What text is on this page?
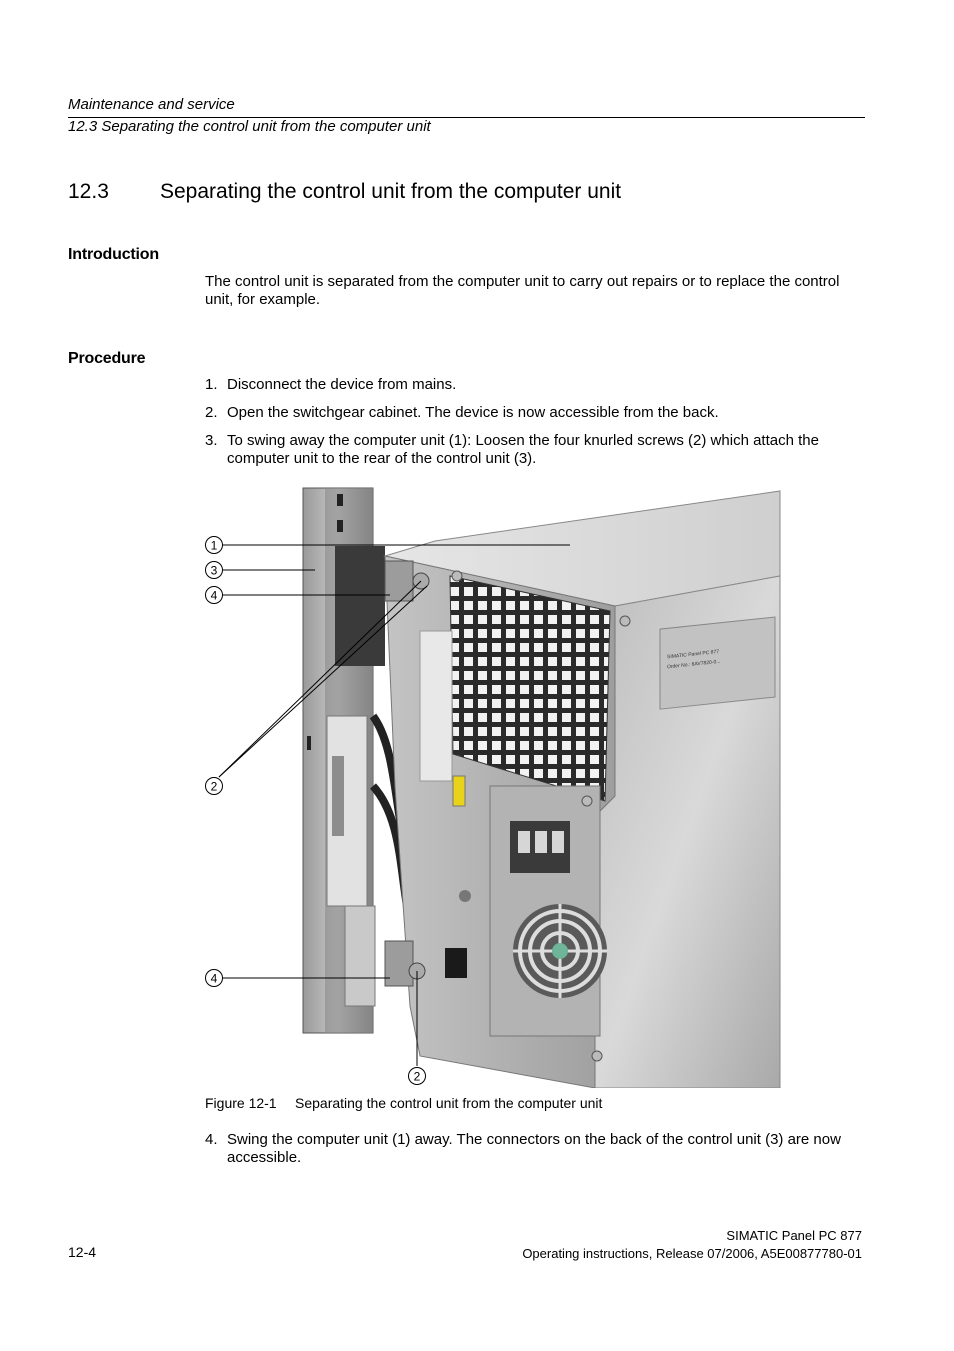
Maintenance and service
12.3 Separating the control unit from the computer unit
12.3 Separating the control unit from the computer unit
Introduction
The control unit is separated from the computer unit to carry out repairs or to replace the control unit, for example.
Procedure
1. Disconnect the device from mains.
2. Open the switchgear cabinet. The device is now accessible from the back.
3. To swing away the computer unit (1): Loosen the four knurled screws (2) which attach the computer unit to the rear of the control unit (3).
SIMATIC Panel PC 877
Order No.: 6AV7820-0...
1
3
4
2
4
2
Figure 12-1 Separating the control unit from the computer unit
4. Swing the computer unit (1) away. The connectors on the back of the control unit (3) are now accessible.
12-4
SIMATIC Panel PC 877
Operating instructions, Release 07/2006, A5E00877780-01
